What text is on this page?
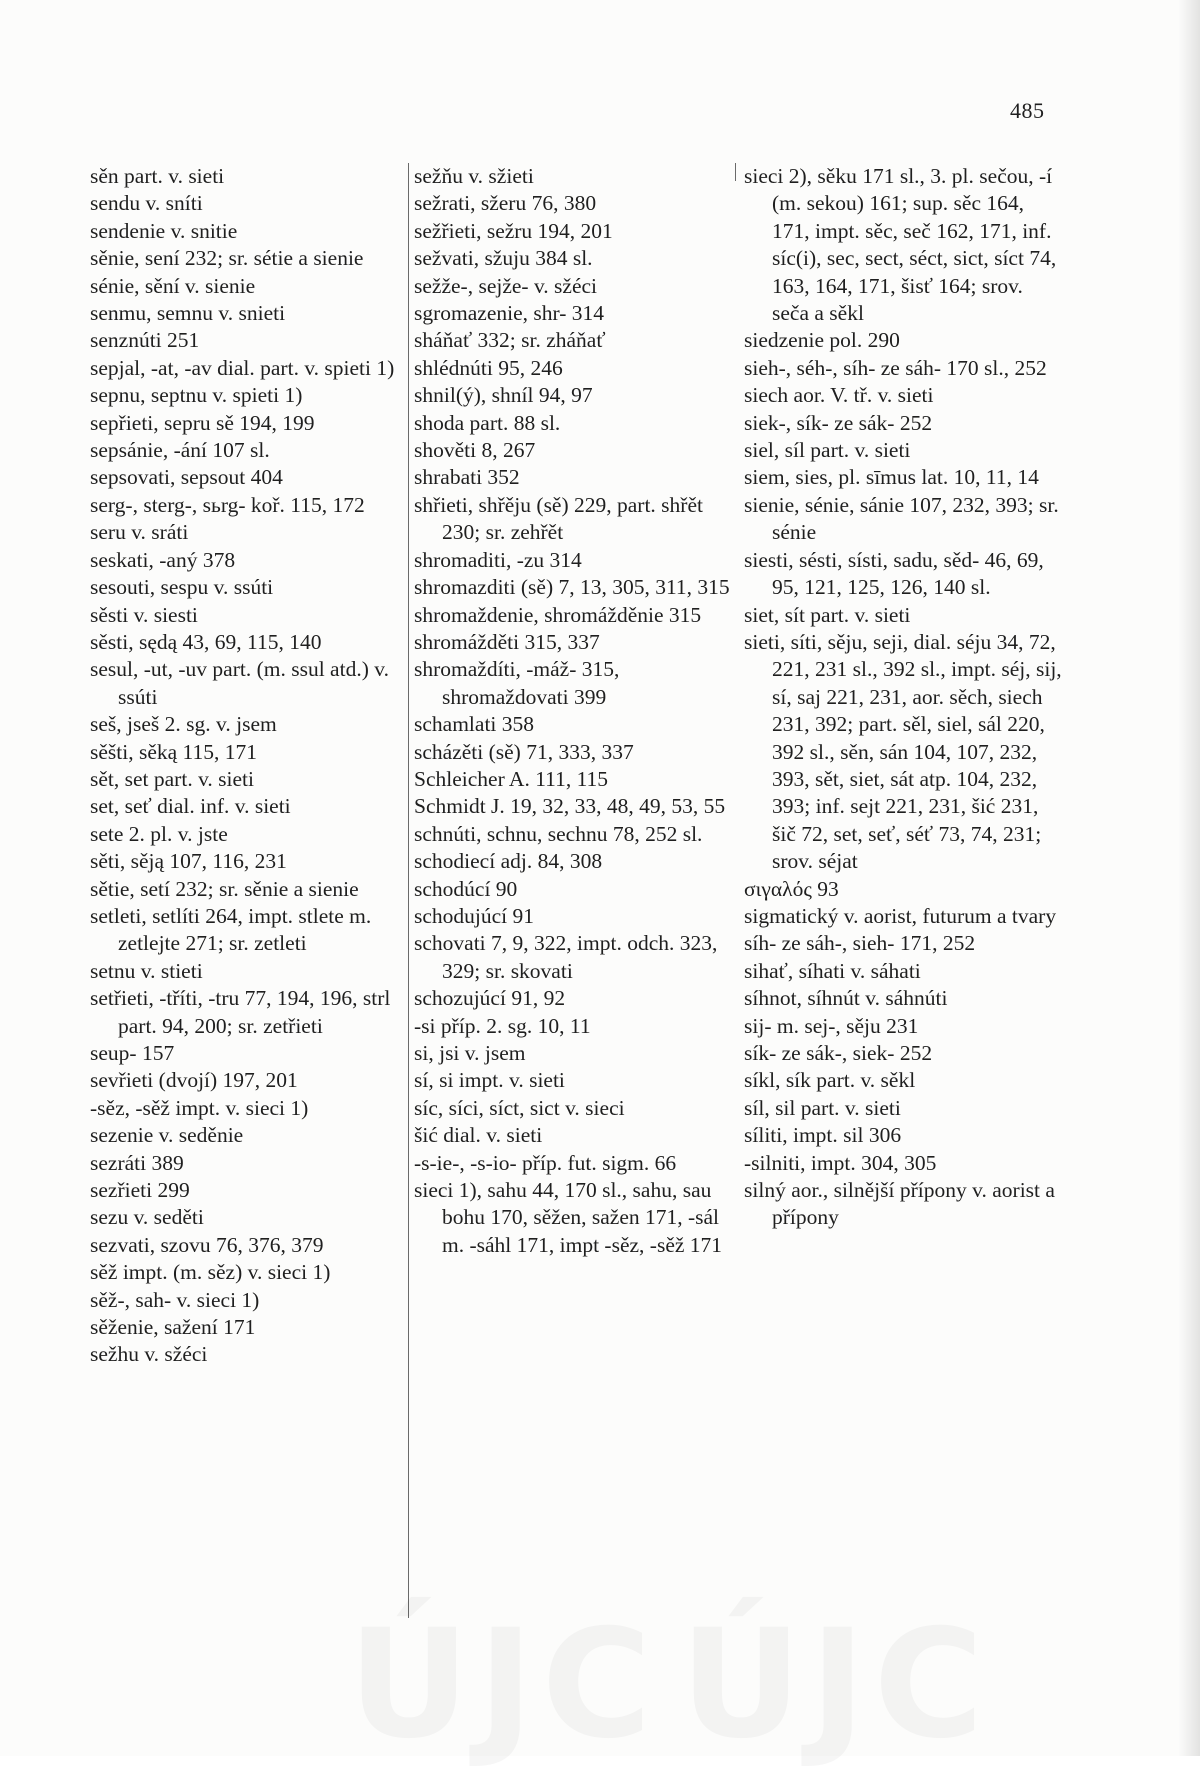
485

sěn part. v. sieti

sendu v. sníti

sendenie v. snitie

sěnie, sení 232; sr. sétie a sienie

sénie, sění v. sienie

senmu, semnu v. snieti

senznúti 251

sepjal, -at, -av dial. part. v. spieti 1)

sepnu, septnu v. spieti 1)

sepřieti, sepru sě 194, 199

sepsánie, -ání 107 sl.

sepsovati, sepsout 404

serg-, sterg-, sьrg- koř. 115, 172

seru v. sráti

seskati, -aný 378

sesouti, sespu v. ssúti

sěsti v. siesti

sěsti, sędą 43, 69, 115, 140

sesul, -ut, -uv part. (m. ssul atd.) v. ssúti

seš, jseš 2. sg. v. jsem

sěšti, sěką 115, 171

sět, set part. v. sieti

set, seť dial. inf. v. sieti

sete 2. pl. v. jste

sěti, sěją 107, 116, 231

sětie, setí 232; sr. sěnie a sienie

setleti, setlíti 264, impt. stlete m. zetlejte 271; sr. zetleti

setnu v. stieti

setřieti, -tříti, -tru 77, 194, 196, strl part. 94, 200; sr. zetřieti

seup- 157

sevřieti (dvojí) 197, 201

-sěz, -sěž impt. v. sieci 1)

sezenie v. seděnie

sezráti 389

sezřieti 299

sezu v. seděti

sezvati, szovu 76, 376, 379

sěž impt. (m. sěz) v. sieci 1)

sěž-, sah- v. sieci 1)

sěženie, sažení 171

sežhu v. sžéci

sežňu v. sžieti

sežrati, sžeru 76, 380

sežřieti, sežru 194, 201

sežvati, sžuju 384 sl.

sežže-, sejže- v. sžéci

sgromazenie, shr- 314

sháňať 332; sr. zháňať

shlédnúti 95, 246

shnil(ý), shníl 94, 97

shoda part. 88 sl.

shověti 8, 267

shrabati 352

shřieti, shřěju (sě) 229, part. shřět 230; sr. zehřět

shromaditi, -zu 314

shromazditi (sě) 7, 13, 305, 311, 315

shromaždenie, shromážděnie 315

shromážděti 315, 337

shromaždíti, -máž- 315, shromaždovati 399

schamlati 358

scházěti (sě) 71, 333, 337

Schleicher A. 111, 115

Schmidt J. 19, 32, 33, 48, 49, 53, 55

schnúti, schnu, sechnu 78, 252 sl.

schodiecí adj. 84, 308

schodúcí 90

schodujúcí 91

schovati 7, 9, 322, impt. odch. 323, 329; sr. skovati

schozujúcí 91, 92

-si příp. 2. sg. 10, 11

si, jsi v. jsem

sí, si impt. v. sieti

síc, síci, síct, sict v. sieci

šić dial. v. sieti

-s-ie-, -s-io- příp. fut. sigm. 66

sieci 1), sahu 44, 170 sl., sahu, sau bohu 170, sěžen, sažen 171, -sál m. -sáhl 171, impt -sěz, -sěž 171

sieci 2), sěku 171 sl., 3. pl. sečou, -í (m. sekou) 161; sup. sěc 164, 171, impt. sěc, seč 162, 171, inf. síc(i), sec, sect, séct, sict, síct 74, 163, 164, 171, šisť 164; srov. seča a sěkl

siedzenie pol. 290

sieh-, séh-, síh- ze sáh- 170 sl., 252

siech aor. V. tř. v. sieti

siek-, sík- ze sák- 252

siel, síl part. v. sieti

siem, sies, pl. sīmus lat. 10, 11, 14

sienie, sénie, sánie 107, 232, 393; sr. sénie

siesti, sésti, sísti, sadu, sěd- 46, 69, 95, 121, 125, 126, 140 sl.

siet, sít part. v. sieti

sieti, síti, sěju, seji, dial. séju 34, 72, 221, 231 sl., 392 sl., impt. séj, sij, sí, saj 221, 231, aor. sěch, siech 231, 392; part. sěl, siel, sál 220, 392 sl., sěn, sán 104, 107, 232, 393, sět, siet, sát atp. 104, 232, 393; inf. sejt 221, 231, šić 231, šič 72, set, seť, séť 73, 74, 231; srov. séjat

σιγαλός 93

sigmatický v. aorist, futurum a tvary

síh- ze sáh-, sieh- 171, 252

sihať, síhati v. sáhati

síhnot, síhnút v. sáhnúti

sij- m. sej-, sěju 231

sík- ze sák-, siek- 252

síkl, sík part. v. sěkl

síl, sil part. v. sieti

síliti, impt. sil 306

-silniti, impt. 304, 305

silný aor., silnější přípony v. aorist a přípony
